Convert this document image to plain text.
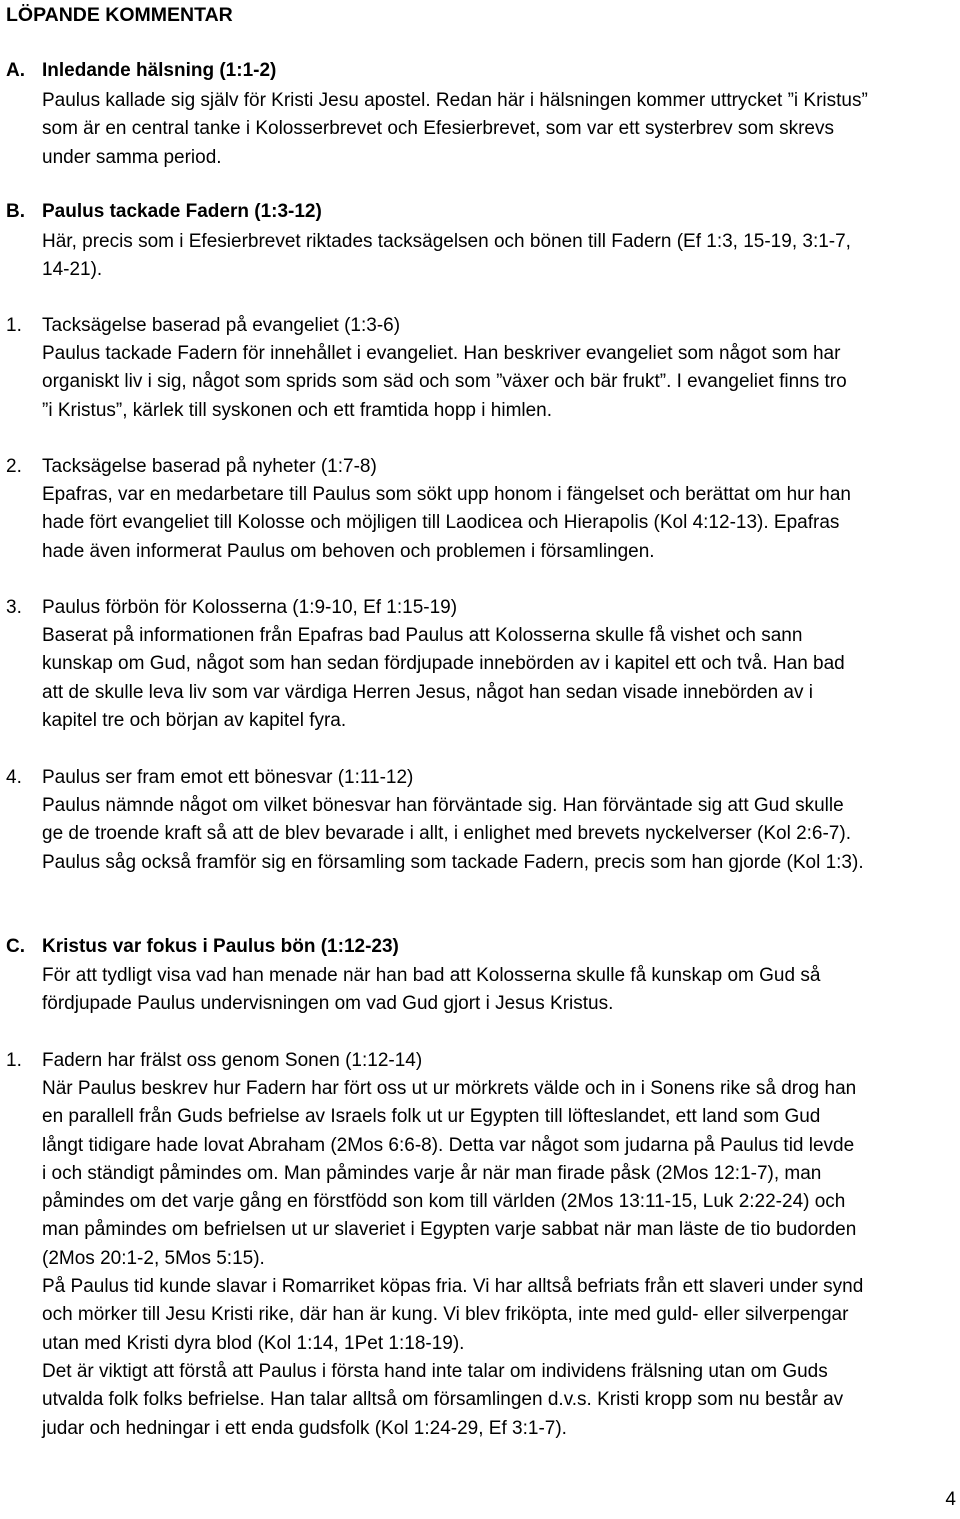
LÖPANDE KOMMENTAR
A. Inledande hälsning (1:1-2)
Paulus kallade sig själv för Kristi Jesu apostel. Redan här i hälsningen kommer uttrycket ”i Kristus”
som är en central tanke i Kolosserbrevet och Efesierbrevet, som var ett systerbrev som skrevs
under samma period.
B. Paulus tackade Fadern (1:3-12)
Här, precis som i Efesierbrevet riktades tacksägelsen och bönen till Fadern (Ef 1:3, 15-19, 3:1-7,
14-21).
1. Tacksägelse baserad på evangeliet (1:3-6)
Paulus tackade Fadern för innehållet i evangeliet. Han beskriver evangeliet som något som har
organiskt liv i sig, något som sprids som säd och som ”växer och bär frukt”. I evangeliet finns tro
”i Kristus”, kärlek till syskonen och ett framtida hopp i himlen.
2. Tacksägelse baserad på nyheter (1:7-8)
Epafras, var en medarbetare till Paulus som sökt upp honom i fängelset och berättat om hur han
hade fört evangeliet till Kolosse och möjligen till Laodicea och Hierapolis (Kol 4:12-13). Epafras
hade även informerat Paulus om behoven och problemen i församlingen.
3. Paulus förbön för Kolosserna (1:9-10, Ef 1:15-19)
Baserat på informationen från Epafras bad Paulus att Kolosserna skulle få vishet och sann
kunskap om Gud, något som han sedan fördjupade innebörden av i kapitel ett och två. Han bad
att de skulle leva liv som var värdiga Herren Jesus, något han sedan visade innebörden av i
kapitel tre och början av kapitel fyra.
4. Paulus ser fram emot ett bönesvar (1:11-12)
Paulus nämnde något om vilket bönesvar han förväntade sig. Han förväntade sig att Gud skulle
ge de troende kraft så att de blev bevarade i allt, i enlighet med brevets nyckelverser (Kol 2:6-7).
Paulus såg också framför sig en församling som tackade Fadern, precis som han gjorde (Kol 1:3).
C. Kristus var fokus i Paulus bön (1:12-23)
För att tydligt visa vad han menade när han bad att Kolosserna skulle få kunskap om Gud så
fördjupade Paulus undervisningen om vad Gud gjort i Jesus Kristus.
1. Fadern har frälst oss genom Sonen (1:12-14)
När Paulus beskrev hur Fadern har fört oss ut ur mörkrets välde och in i Sonens rike så drog han
en parallell från Guds befrielse av Israels folk ut ur Egypten till löfteslandet, ett land som Gud
långt tidigare hade lovat Abraham (2Mos 6:6-8). Detta var något som judarna på Paulus tid levde
i och ständigt påmindes om. Man påmindes varje år när man firade påsk (2Mos 12:1-7), man
påmindes om det varje gång en förstfödd son kom till världen (2Mos 13:11-15, Luk 2:22-24) och
man påmindes om befrielsen ut ur slaveriet i Egypten varje sabbat när man läste de tio budorden
(2Mos 20:1-2, 5Mos 5:15).
På Paulus tid kunde slavar i Romarriket köpas fria. Vi har alltså befriats från ett slaveri under synd
och mörker till Jesu Kristi rike, där han är kung. Vi blev friköpta, inte med guld- eller silverpengar
utan med Kristi dyra blod (Kol 1:14, 1Pet 1:18-19).
Det är viktigt att förstå att Paulus i första hand inte talar om individens frälsning utan om Guds
utvalda folk folks befrielse. Han talar alltså om församlingen d.v.s. Kristi kropp som nu består av
judar och hedningar i ett enda gudsfolk (Kol 1:24-29, Ef 3:1-7).
4
